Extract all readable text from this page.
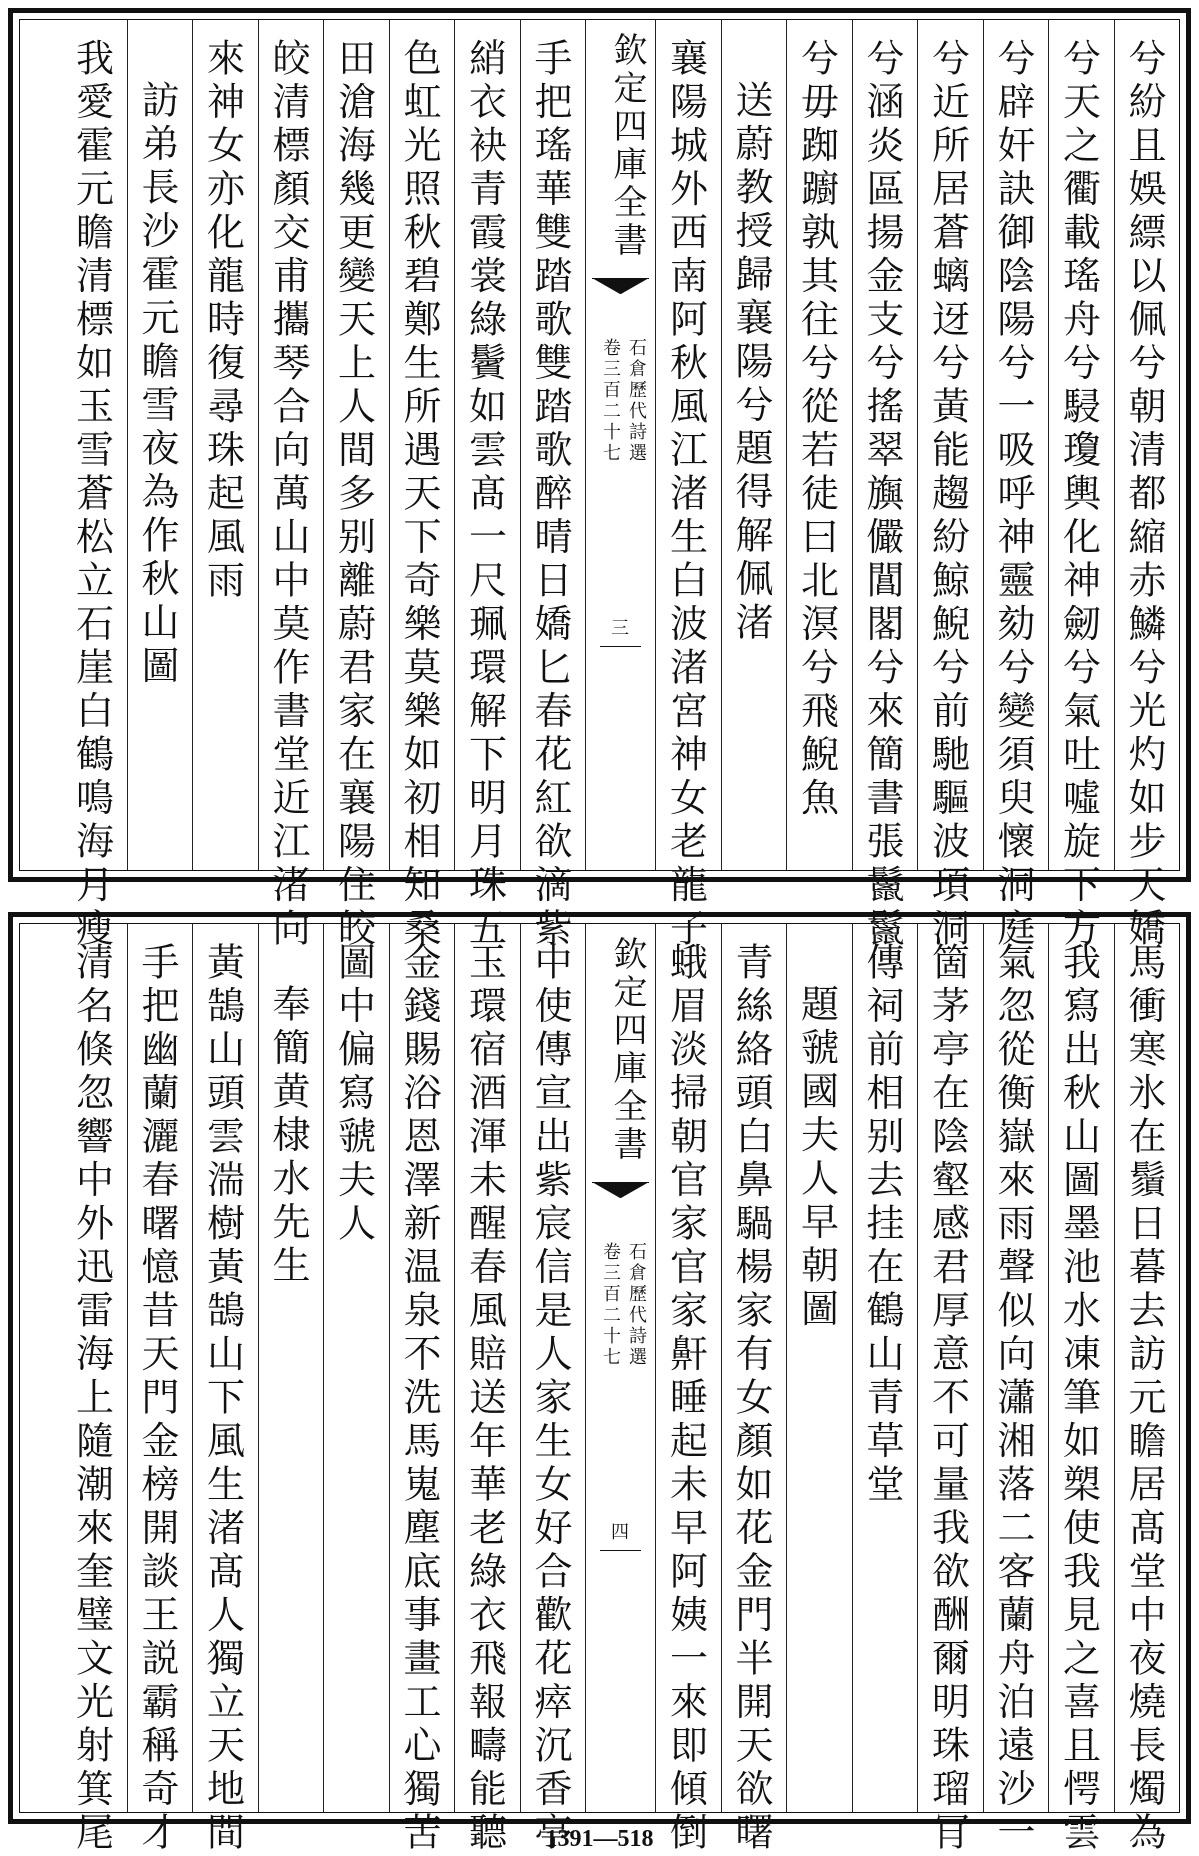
兮紛且娛縹以佩兮朝清都縮赤鱗兮光灼如步天嬌
兮天之衢載瑤舟兮駸瓊輿化神劒兮氣吐噓旋下方
兮辟奸訣御陰陽兮一吸呼神靈劾兮變須臾懷洞庭
兮近所居蒼螭迓兮黃能趨紛鯨鯢兮前馳驅波頊洞
兮涵炎區揚金支兮搖翠旟儼閶閣兮來簡書張鬣鬣
兮毋踟躕孰其往兮從若徒曰北溟兮飛鯢魚
送蔚教授歸襄陽兮題得解佩渚
襄陽城外西南阿秋風江渚生白波渚宮神女老龍子
欽定四庫全書
石倉歷代詩選
卷三百二十七
三
手把瑤華雙踏歌雙踏歌醉晴日嬌匕春花紅欲滴紫
綃衣袂青霞裳綠鬢如雲髙一尺珮環解下明月珠五
色虹光照秋碧鄭生所遇天下奇樂莫樂如初相知桑
田滄海幾更變天上人間多别離蔚君家在襄陽住皎
皎清標顏交甫攜琴合向萬山中莫作書堂近江渚向
來神女亦化龍時復尋珠起風雨
訪弟長沙霍元瞻雪夜為作秋山圖
我愛霍元瞻清標如玉雪蒼松立石崖白鶴鳴海月瘦
馬衝寒氷在鬚日暮去訪元瞻居髙堂中夜燒長燭為
我寫出秋山圖墨池水凍筆如槊使我見之喜且愕雲
氣忽從衡嶽來雨聲似向瀟湘落二客蘭舟泊遠沙一
箇茅亭在陰壑感君厚意不可量我欲酬爾明珠瑠肎
傳祠前相别去挂在鶴山青草堂
題虢國夫人早朝圖
青絲絡頭白鼻騧楊家有女顏如花金門半開天欲曙
蛾眉淡掃朝官家官家鼾睡起未早阿姨一來即傾倒
欽定四庫全書
石倉歷代詩選
卷三百二十七
四
中使傳宣出紫宸信是人家生女好合歡花瘁沉香亭
玉環宿酒渾未醒春風賠送年華老綠衣飛報疇能聽
金錢賜浴恩澤新温泉不洗馬嵬塵底事畫工心獨苦
圖中偏寫虢夫人
奉簡黄棣水先生
黃鵠山頭雲湍樹黃鵠山下風生渚髙人獨立天地間
手把幽蘭灑春曙憶昔天門金榜開談王説霸稱奇才
清名倏忽響中外迅雷海上隨潮來奎璧文光射箕尾	1391—518
